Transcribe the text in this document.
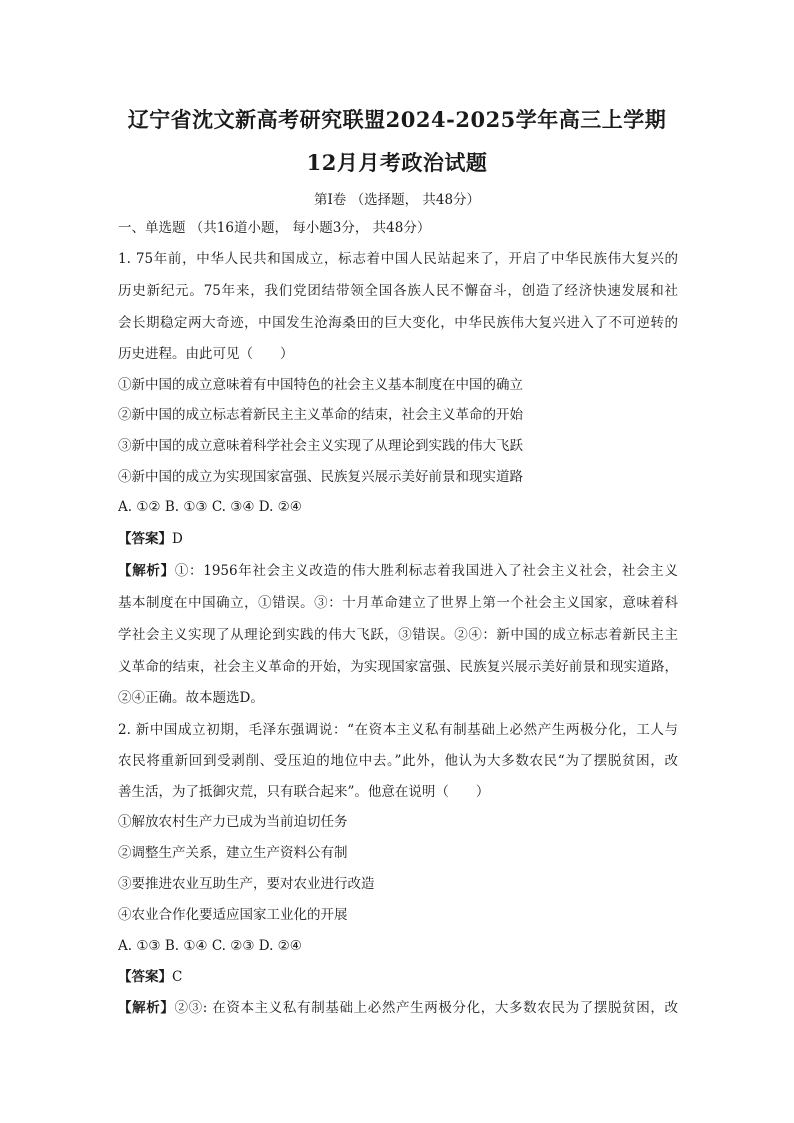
辽宁省沈文新高考研究联盟2024-2025学年高三上学期
12月月考政治试题
第I卷 （选择题， 共48分）
一、单选题 （共16道小题， 每小题3分， 共48分）
1. 75年前，中华人民共和国成立，标志着中国人民站起来了，开启了中华民族伟大复兴的
历史新纪元。75年来，我们党团结带领全国各族人民不懈奋斗，创造了经济快速发展和社
会长期稳定两大奇迹，中国发生沧海桑田的巨大变化，中华民族伟大复兴进入了不可逆转的
历史进程。由此可见（　　）
①新中国的成立意味着有中国特色的社会主义基本制度在中国的确立
②新中国的成立标志着新民主主义革命的结束，社会主义革命的开始
③新中国的成立意味着科学社会主义实现了从理论到实践的伟大飞跃
④新中国的成立为实现国家富强、民族复兴展示美好前景和现实道路
A. ①② B. ①③ C. ③④ D. ②④
【答案】D
【解析】①：1956年社会主义改造的伟大胜利标志着我国进入了社会主义社会，社会主义
基本制度在中国确立，①错误。③：十月革命建立了世界上第一个社会主义国家，意味着科
学社会主义实现了从理论到实践的伟大飞跃，③错误。②④：新中国的成立标志着新民主主
义革命的结束，社会主义革命的开始，为实现国家富强、民族复兴展示美好前景和现实道路，
②④正确。故本题选D。
2. 新中国成立初期，毛泽东强调说：“在资本主义私有制基础上必然产生两极分化，工人与
农民将重新回到受剥削、受压迫的地位中去。”此外，他认为大多数农民“为了摆脱贫困，改
善生活，为了抵御灾荒，只有联合起来”。他意在说明（　　）
①解放农村生产力已成为当前迫切任务
②调整生产关系，建立生产资料公有制
③要推进农业互助生产，要对农业进行改造
④农业合作化要适应国家工业化的开展
A. ①③ B. ①④ C. ②③ D. ②④
【答案】C
【解析】②③: 在资本主义私有制基础上必然产生两极分化，大多数农民为了摆脱贫困，改
